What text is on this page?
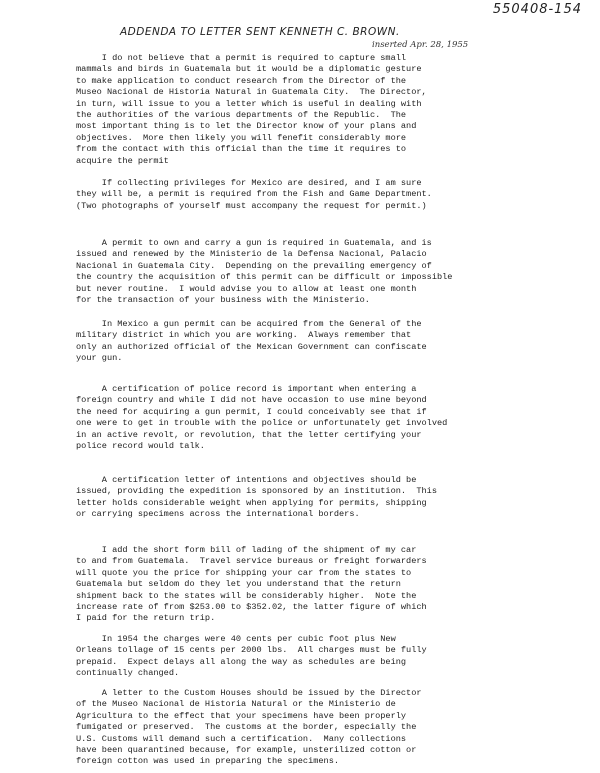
550408-154
ADDENDA TO LETTER SENT KENNETH C. BROWN.
inserted Apr. 28, 1955
I do not believe that a permit is required to capture small
mammals and birds in Guatemala but it would be a diplomatic gesture
to make application to conduct research from the Director of the
Museo Nacional de Historia Natural in Guatemala City.  The Director,
in turn, will issue to you a letter which is useful in dealing with
the authorities of the various departments of the Republic.  The
most important thing is to let the Director know of your plans and
objectives.  More then likely you will fenefit considerably more
from the contact with this official than the time it requires to
acquire the permit
If collecting privileges for Mexico are desired, and I am sure
they will be, a permit is required from the Fish and Game Department.
(Two photographs of yourself must accompany the request for permit.)
A permit to own and carry a gun is required in Guatemala, and is
issued and renewed by the Ministerio de la Defensa Nacional, Palacio
Nacional in Guatemala City.  Depending on the prevailing emergency of
the country the acquisition of this permit can be difficult or impossible
but never routine.  I would advise you to allow at least one month
for the transaction of your business with the Ministerio.
In Mexico a gun permit can be acquired from the General of the
military district in which you are working.  Always remember that
only an authorized official of the Mexican Government can confiscate
your gun.
A certification of police record is important when entering a
foreign country and while I did not have occasion to use mine beyond
the need for acquiring a gun permit, I could conceivably see that if
one were to get in trouble with the police or unfortunately get involved
in an active revolt, or revolution, that the letter certifying your
police record would talk.
A certification letter of intentions and objectives should be
issued, providing the expedition is sponsored by an institution.  This
letter holds considerable weight when applying for permits, shipping
or carrying specimens across the international borders.
I add the short form bill of lading of the shipment of my car
to and from Guatemala.  Travel service bureaus or freight forwarders
will quote you the price for shipping your car from the states to
Guatemala but seldom do they let you understand that the return
shipment back to the states will be considerably higher.  Note the
increase rate of from $253.00 to $352.02, the latter figure of which
I paid for the return trip.
In 1954 the charges were 40 cents per cubic foot plus New
Orleans tollage of 15 cents per 2000 lbs.  All charges must be fully
prepaid.  Expect delays all along the way as schedules are being
continually changed.
A letter to the Custom Houses should be issued by the Director
of the Museo Nacional de Historia Natural or the Ministerio de
Agricultura to the effect that your specimens have been properly
fumigated or preserved.  The customs at the border, especially the
U.S. Customs will demand such a certification.  Many collections
have been quarantined because, for example, unsterilized cotton or
foreign cotton was used in preparing the specimens.
